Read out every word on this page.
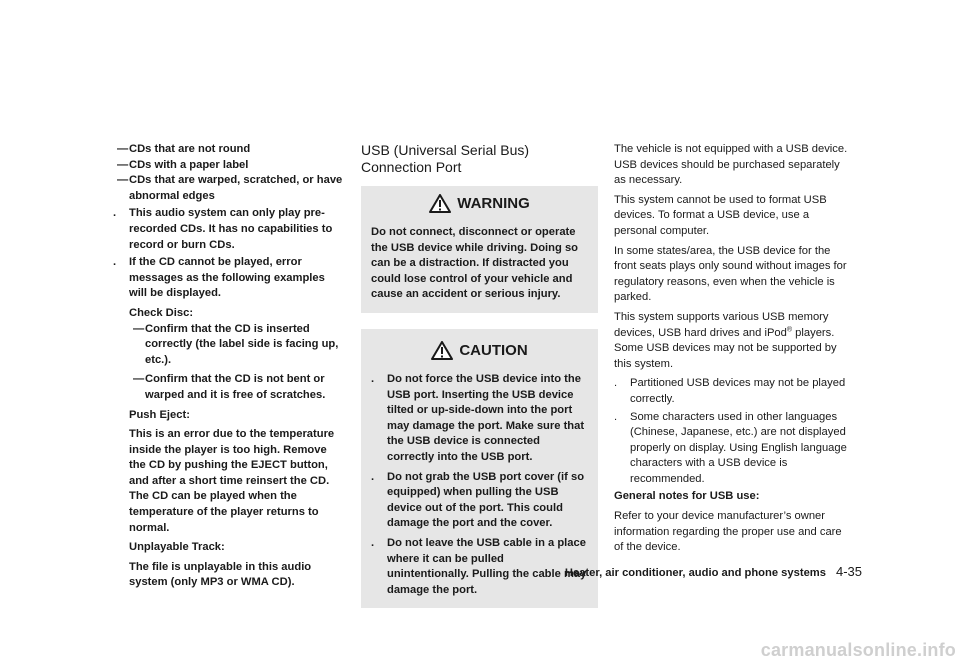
— CDs that are not round
— CDs with a paper label
— CDs that are warped, scratched, or have abnormal edges
.	This audio system can only play pre-recorded CDs. It has no capabilities to record or burn CDs.
.	If the CD cannot be played, error messages as the following examples will be displayed.

Check Disc:

— Confirm that the CD is inserted correctly (the label side is facing up, etc.).
— Confirm that the CD is not bent or warped and it is free of scratches.

Push Eject:

This is an error due to the temperature inside the player is too high. Remove the CD by pushing the EJECT button, and after a short time reinsert the CD. The CD can be played when the temperature of the player returns to normal.

Unplayable Track:

The file is unplayable in this audio system (only MP3 or WMA CD).

USB (Universal Serial Bus) Connection Port
WARNING

Do not connect, disconnect or operate the USB device while driving. Doing so can be a distraction. If distracted you could lose control of your vehicle and cause an accident or serious injury.

CAUTION
.	Do not force the USB device into the USB port. Inserting the USB device tilted or up-side-down into the port may damage the port. Make sure that the USB device is connected correctly into the USB port.
.	Do not grab the USB port cover (if so equipped) when pulling the USB device out of the port. This could damage the port and the cover.
.	Do not leave the USB cable in a place where it can be pulled unintentionally. Pulling the cable may damage the port.

The vehicle is not equipped with a USB device. USB devices should be purchased separately as necessary.

This system cannot be used to format USB devices. To format a USB device, use a personal computer.

In some states/area, the USB device for the front seats plays only sound without images for regulatory reasons, even when the vehicle is parked.

This system supports various USB memory devices, USB hard drives and iPod® players. Some USB devices may not be supported by this system.

.	Partitioned USB devices may not be played correctly.
.	Some characters used in other languages (Chinese, Japanese, etc.) are not displayed properly on display. Using English language characters with a USB device is recommended.

General notes for USB use:

Refer to your device manufacturer’s owner information regarding the proper use and care of the device.

Heater, air conditioner, audio and phone systems 4-35
carmanualsonline.info
